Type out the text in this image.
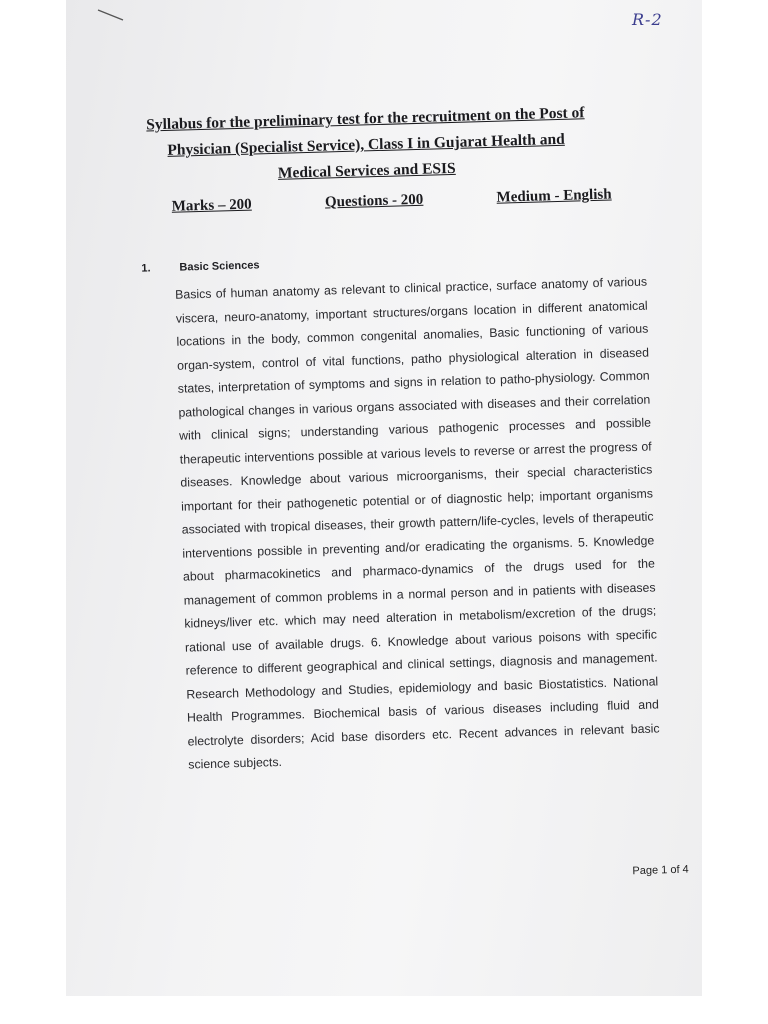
R-2
Syllabus for the preliminary test for the recruitment on the Post of
Physician (Specialist Service), Class I in Gujarat Health and
Medical Services and ESIS
Marks – 200	Questions - 200	Medium - English
1.	Basic Sciences
Basics of human anatomy as relevant to clinical practice, surface anatomy of various viscera, neuro-anatomy, important structures/organs location in different anatomical locations in the body, common congenital anomalies, Basic functioning of various organ-system, control of vital functions, patho physiological alteration in diseased states, interpretation of symptoms and signs in relation to patho-physiology. Common pathological changes in various organs associated with diseases and their correlation with clinical signs; understanding various pathogenic processes and possible therapeutic interventions possible at various levels to reverse or arrest the progress of diseases. Knowledge about various microorganisms, their special characteristics important for their pathogenetic potential or of diagnostic help; important organisms associated with tropical diseases, their growth pattern/life-cycles, levels of therapeutic interventions possible in preventing and/or eradicating the organisms. 5. Knowledge about pharmacokinetics and pharmaco-dynamics of the drugs used for the management of common problems in a normal person and in patients with diseases kidneys/liver etc. which may need alteration in metabolism/excretion of the drugs; rational use of available drugs. 6. Knowledge about various poisons with specific reference to different geographical and clinical settings, diagnosis and management. Research Methodology and Studies, epidemiology and basic Biostatistics. National Health Programmes. Biochemical basis of various diseases including fluid and electrolyte disorders; Acid base disorders etc. Recent advances in relevant basic science subjects.
Page 1 of 4
